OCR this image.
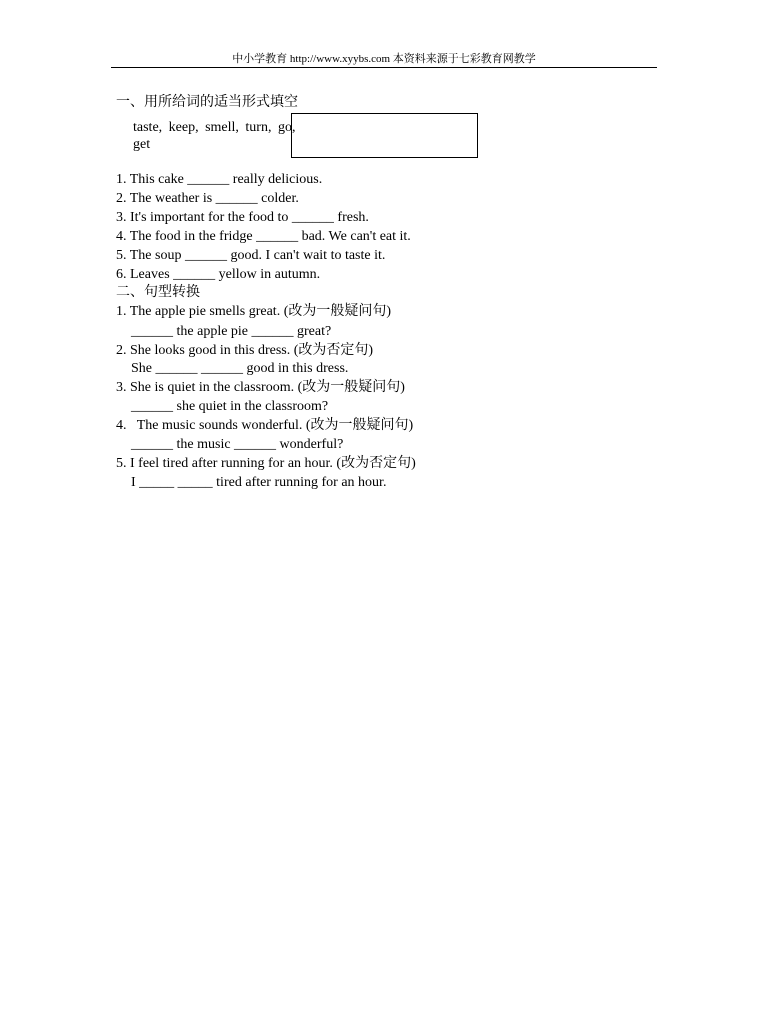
中小学教育 http://www.xyybs.com 本资料来源于七彩教育网教学
一、用所给词的适当形式填空
taste, keep, smell, turn, go, get
1. This cake ______ really delicious.
2. The weather is ______ colder.
3. It's important for the food to ______ fresh.
4. The food in the fridge ______ bad. We can't eat it.
5. The soup ______ good. I can't wait to taste it.
6. Leaves ______ yellow in autumn.
二、句型转换
1. The apple pie smells great. (改为一般疑问句)
______ the apple pie ______ great?
2. She looks good in this dress. (改为否定句)
She ______ ______ good in this dress.
3. She is quiet in the classroom. (改为一般疑问句)
______ she quiet in the classroom?
4.   The music sounds wonderful. (改为一般疑问句)
______ the music ______ wonderful?
5. I feel tired after running for an hour. (改为否定句)
I _____ _____ tired after running for an hour.
